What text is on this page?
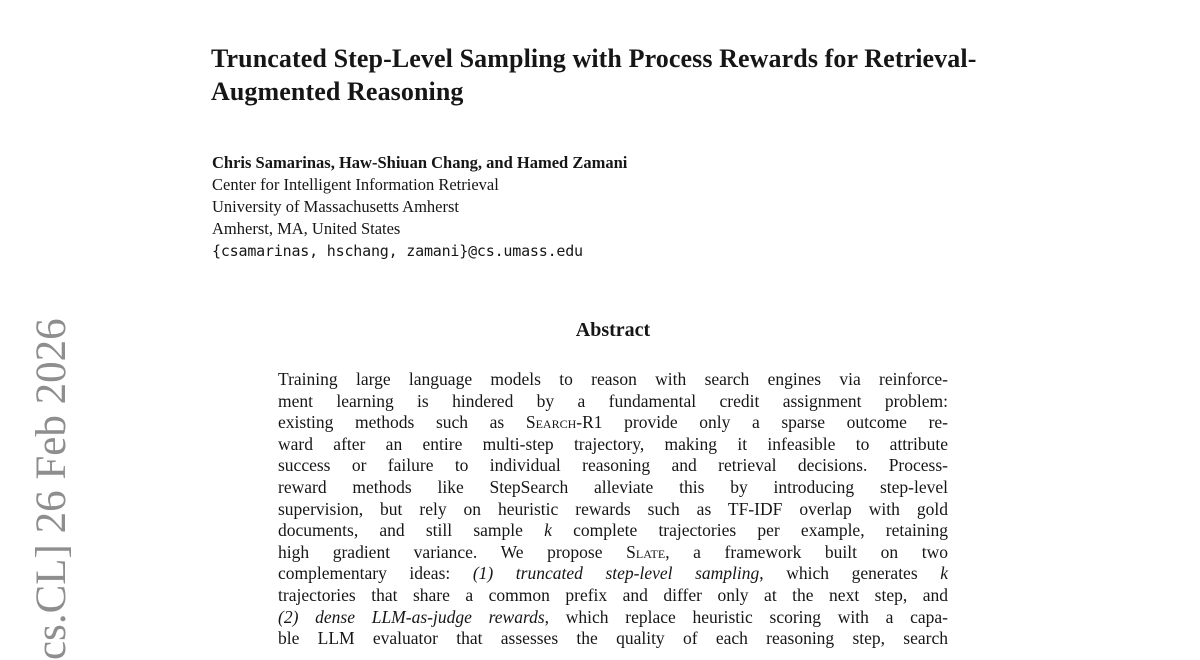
cs.CL] 26 Feb 2026
Truncated Step-Level Sampling with Process Rewards for Retrieval-Augmented Reasoning
Chris Samarinas, Haw-Shiuan Chang, and Hamed Zamani
Center for Intelligent Information Retrieval
University of Massachusetts Amherst
Amherst, MA, United States
{csamarinas, hschang, zamani}@cs.umass.edu
Abstract
Training large language models to reason with search engines via reinforce-
ment learning is hindered by a fundamental credit assignment problem:
existing methods such as Search-R1 provide only a sparse outcome re-
ward after an entire multi-step trajectory, making it infeasible to attribute
success or failure to individual reasoning and retrieval decisions. Process-
reward methods like StepSearch alleviate this by introducing step-level
supervision, but rely on heuristic rewards such as TF-IDF overlap with gold
documents, and still sample k complete trajectories per example, retaining
high gradient variance. We propose Slate, a framework built on two
complementary ideas: (1) truncated step-level sampling, which generates k
trajectories that share a common prefix and differ only at the next step, and
(2) dense LLM-as-judge rewards, which replace heuristic scoring with a capa-
ble LLM evaluator that assesses the quality of each reasoning step, search
